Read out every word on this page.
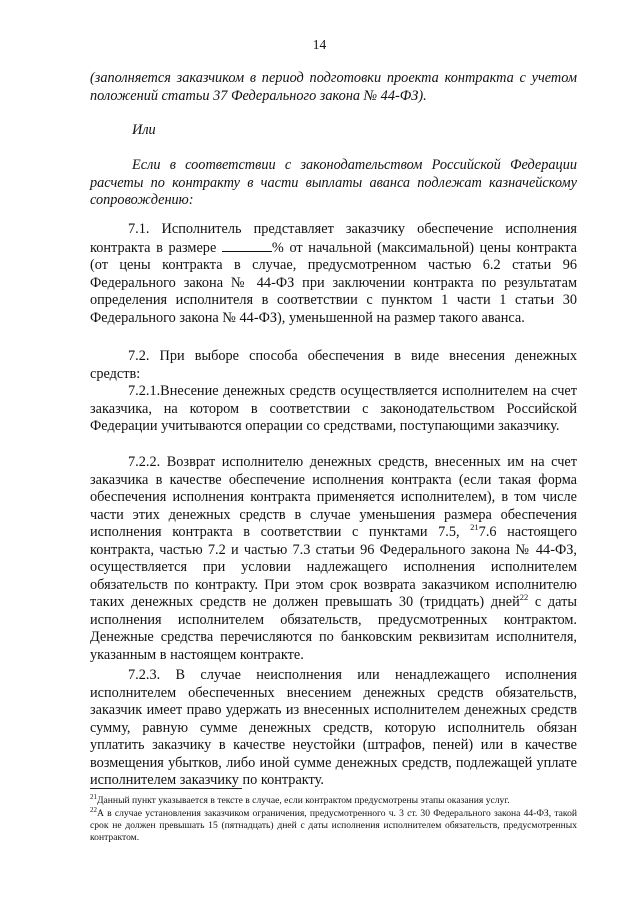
14

(заполняется заказчиком в период подготовки проекта контракта с учетом положений статьи 37 Федерального закона № 44-ФЗ).

Или

Если в соответствии с законодательством Российской Федерации расчеты по контракту в части выплаты аванса подлежат казначейскому сопровождению:

7.1. Исполнитель представляет заказчику обеспечение исполнения контракта в размере	% от начальной (максимальной) цены контракта (от цены контракта в случае, предусмотренном частью 6.2 статьи 96 Федерального закона № 44-ФЗ при заключении контракта по результатам определения исполнителя в соответствии с пунктом 1 части 1 статьи 30 Федерального закона № 44-ФЗ), уменьшенной на размер такого аванса.

7.2. При выборе способа обеспечения в виде внесения денежных средств:

7.2.1.Внесение денежных средств осуществляется исполнителем на счет заказчика, на котором в соответствии с законодательством Российской Федерации учитываются операции со средствами, поступающими заказчику.

7.2.2. Возврат исполнителю денежных средств, внесенных им на счет заказчика в качестве обеспечение исполнения контракта (если такая форма обеспечения исполнения контракта применяется исполнителем), в том числе части этих денежных средств в случае уменьшения размера обеспечения исполнения контракта в соответствии с пунктами 7.5, $^{21}$7.6 настоящего контракта, частью 7.2 и частью 7.3 статьи 96 Федерального закона № 44-ФЗ, осуществляется при условии надлежащего исполнения исполнителем обязательств по контракту. При этом срок возврата заказчиком исполнителю таких денежных средств не должен превышать 30 (тридцать) дней$^{22}$ с даты исполнения исполнителем обязательств, предусмотренных контрактом. Денежные средства перечисляются по банковским реквизитам исполнителя, указанным в настоящем контракте.

7.2.3. В случае неисполнения или ненадлежащего исполнения исполнителем обеспеченных внесением денежных средств обязательств, заказчик имеет право удержать из внесенных исполнителем денежных средств сумму, равную сумме денежных средств, которую исполнитель обязан уплатить заказчику в качестве неустойки (штрафов, пеней) или в качестве возмещения убытков, либо иной сумме денежных средств, подлежащей уплате исполнителем заказчику по контракту.

$^{21}$Данный пункт указывается в тексте в случае, если контрактом предусмотрены этапы оказания услуг.

$^{22}$А в случае установления заказчиком ограничения, предусмотренного ч. 3 ст. 30 Федерального закона 44-ФЗ, такой срок не должен превышать 15 (пятнадцать) дней с даты исполнения исполнителем обязательств, предусмотренных контрактом.
